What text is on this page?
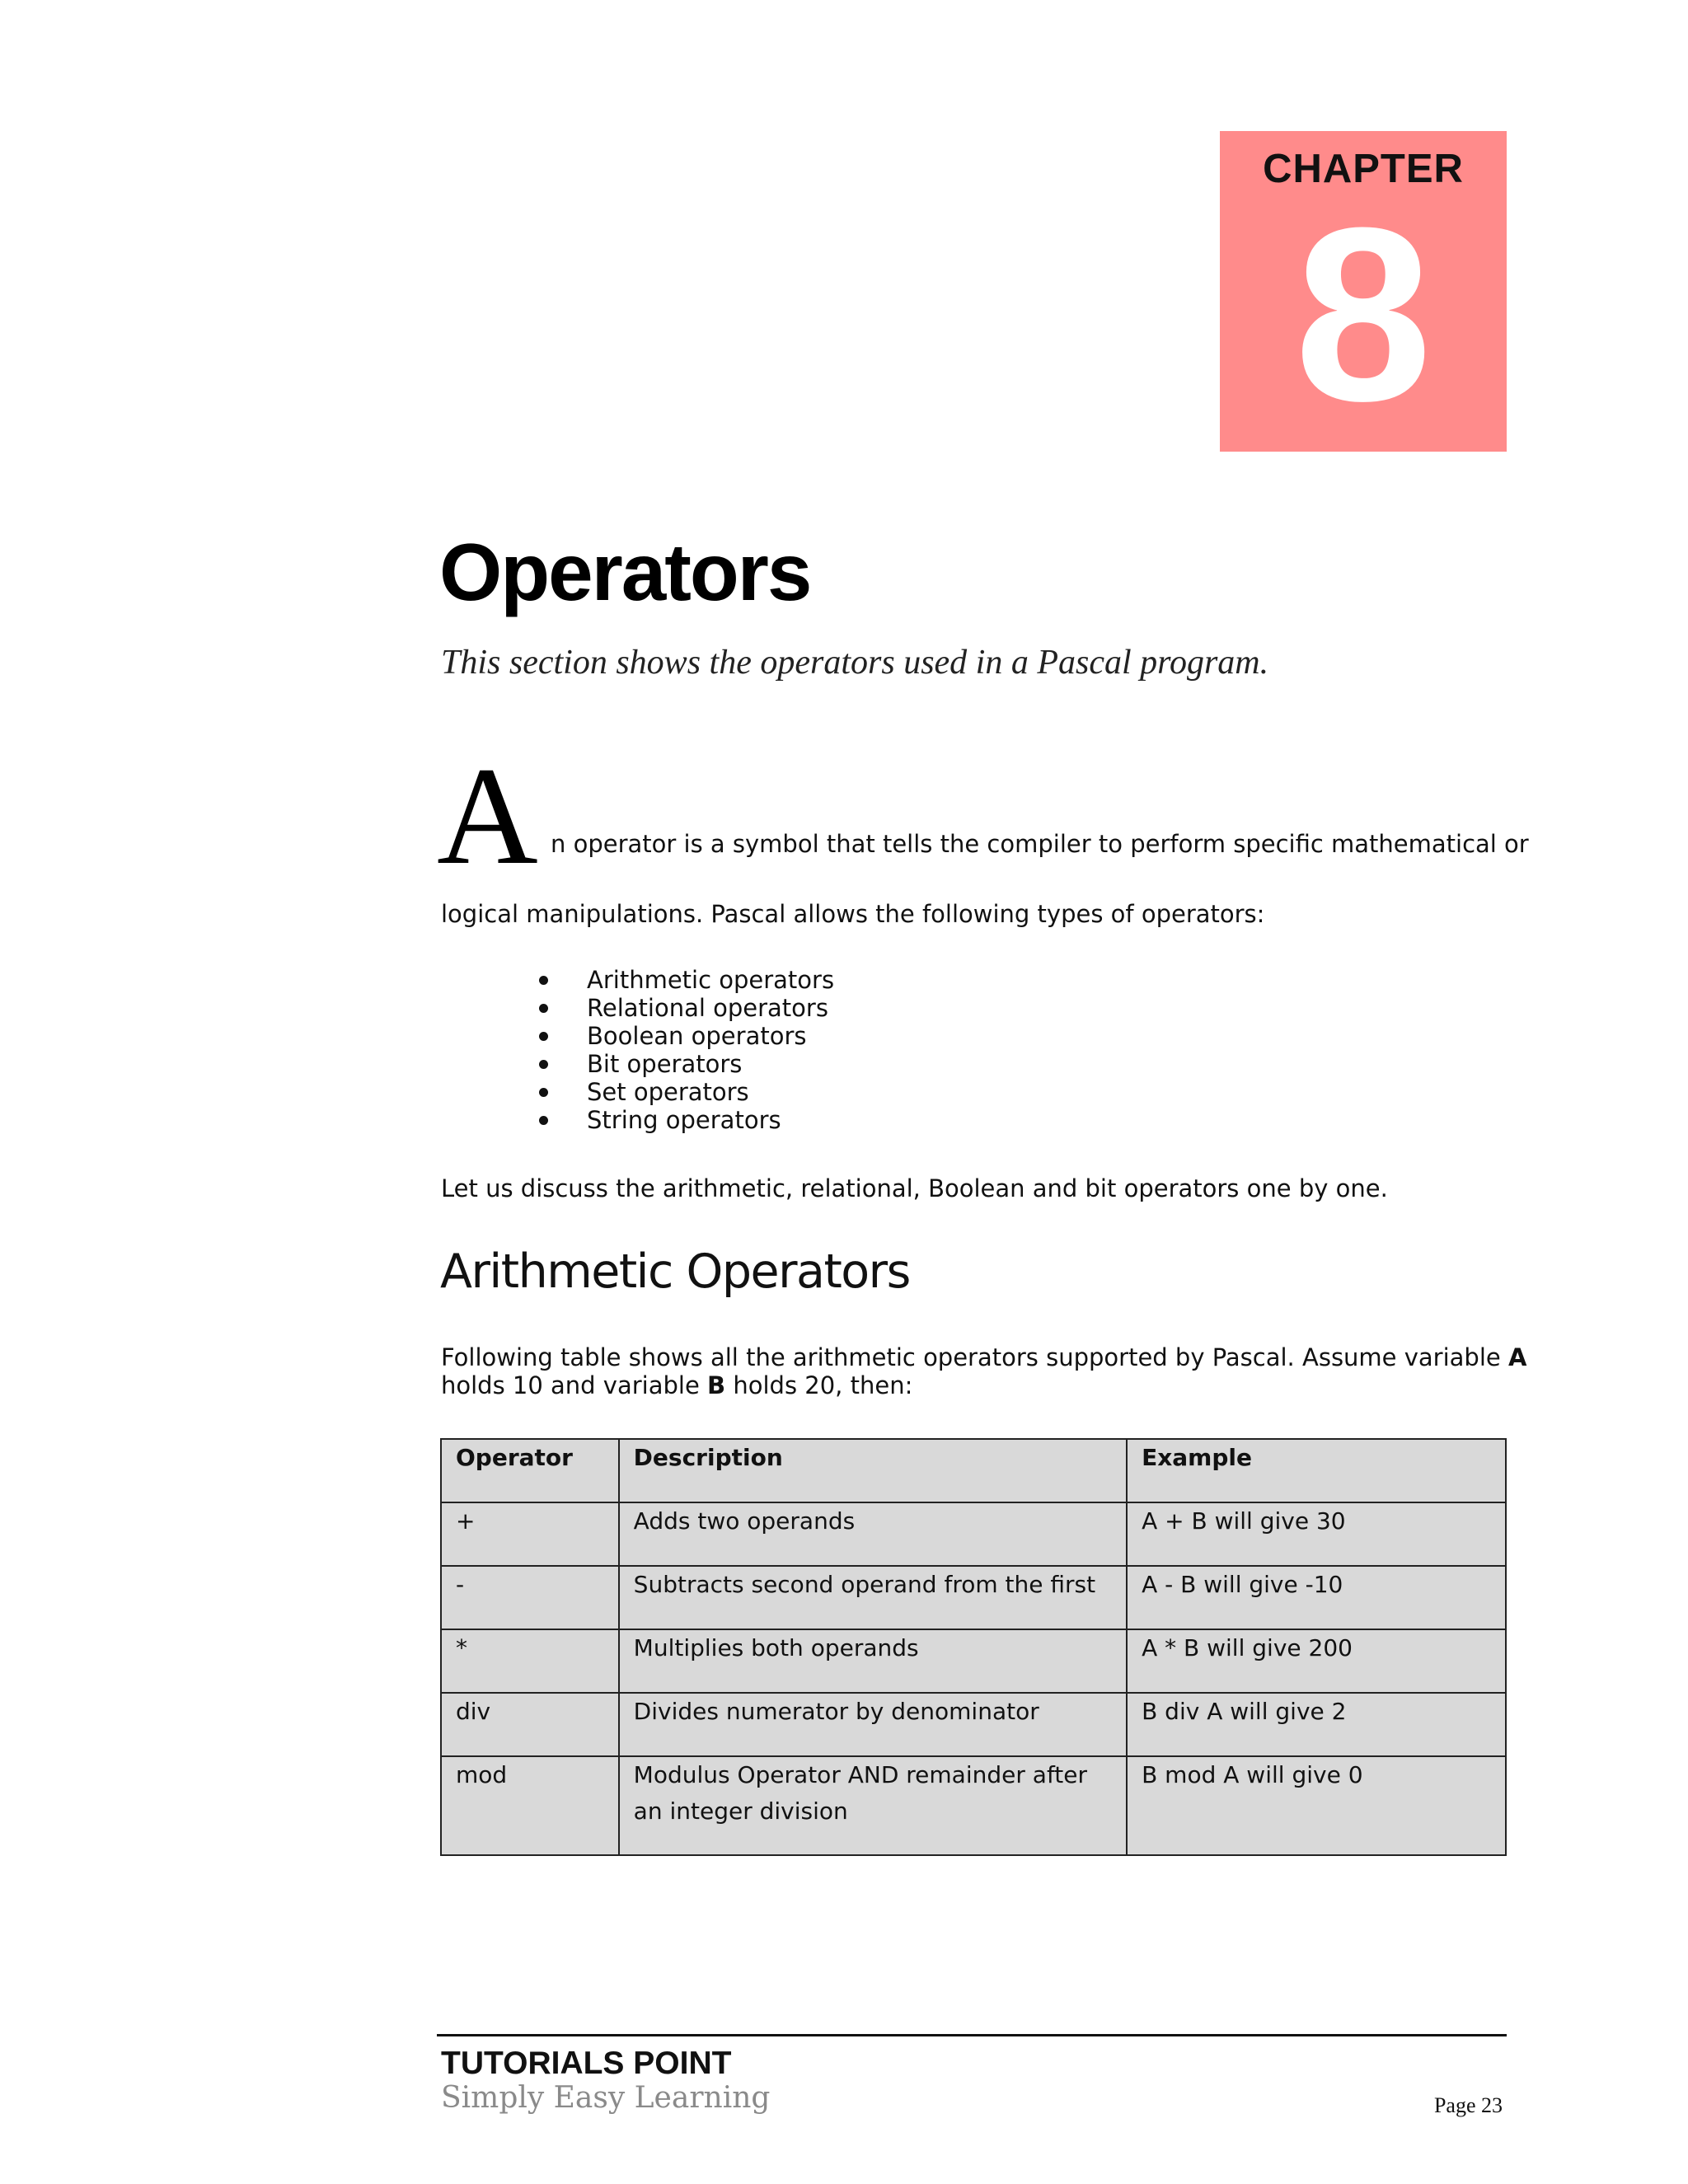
CHAPTER
8
Operators

This section shows the operators used in a Pascal program.

A n operator is a symbol that tells the compiler to perform specific mathematical or
logical manipulations. Pascal allows the following types of operators:
Arithmetic operators
Relational operators
Boolean operators
Bit operators
Set operators
String operators
Let us discuss the arithmetic, relational, Boolean and bit operators one by one.
Arithmetic Operators
Following table shows all the arithmetic operators supported by Pascal. Assume variable A
holds 10 and variable B holds 20, then:
Operator	Description	Example
+	Adds two operands	A + B will give 30
-	Subtracts second operand from the first	A - B will give -10
*	Multiplies both operands	A * B will give 200
div	Divides numerator by denominator	B div A will give 2
mod	Modulus Operator AND remainder after an integer division	B mod A will give 0
TUTORIALS POINT
Simply Easy Learning	Page 23
